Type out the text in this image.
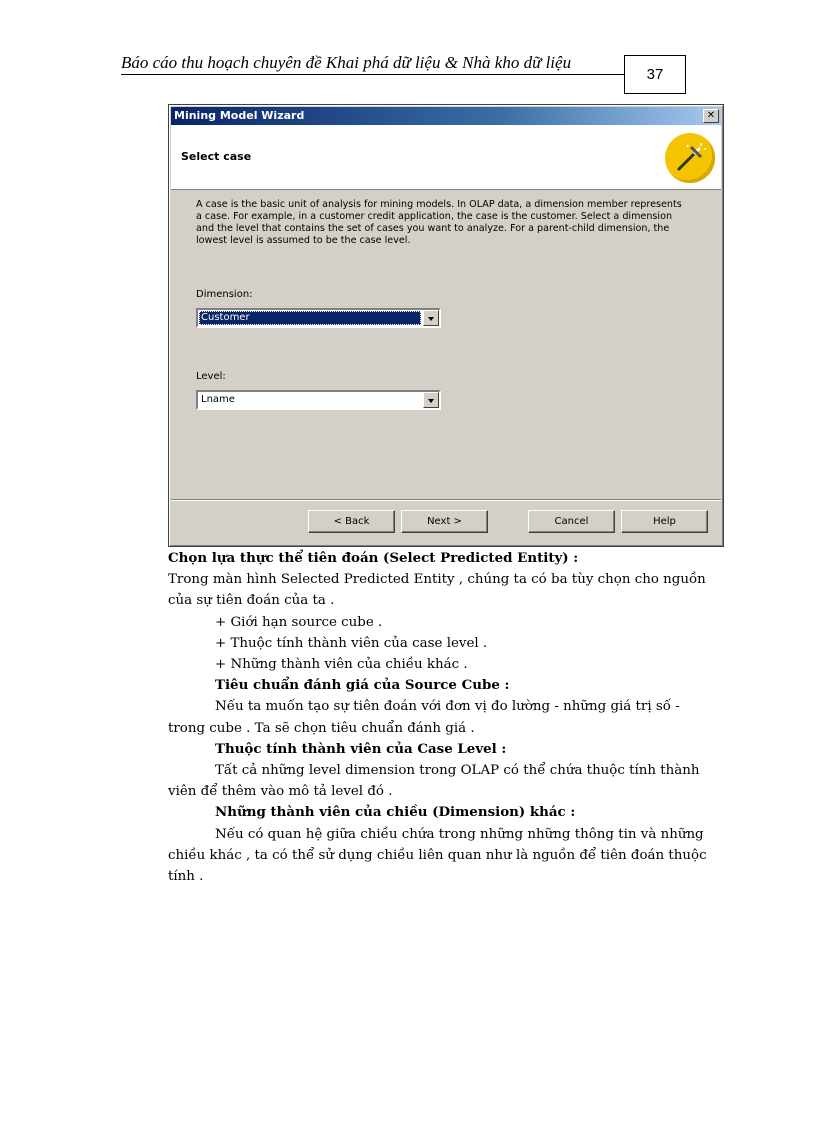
Báo cáo thu hoạch chuyên đề Khai phá dữ liệu & Nhà kho dữ liệu
37
Mining Model Wizard	✕
Select case
A case is the basic unit of analysis for mining models. In OLAP data, a dimension member represents
a case. For example, in a customer credit application, the case is the customer. Select a dimension
and the level that contains the set of cases you want to analyze. For a parent-child dimension, the
lowest level is assumed to be the case level.
Dimension:
Customer
Level:
Lname
< Back	Next >	Cancel	Help

Chọn lựa thực thể tiên đoán (Select Predicted Entity) :

Trong màn hình Selected Predicted Entity , chúng ta có ba tùy chọn cho nguồn của sự tiên đoán của ta .

+ Giới hạn source cube .

+ Thuộc tính thành viên của case level .

+ Những thành viên của chiều khác .

Tiêu chuẩn đánh giá của Source Cube :

Nếu ta muốn tạo sự tiên đoán với đơn vị đo lường - những giá trị số - trong cube . Ta sẽ chọn tiêu chuẩn đánh giá .

Thuộc tính thành viên của Case Level :

Tất cả những level dimension trong OLAP có thể chứa thuộc tính thành viên để thêm vào mô tả level đó .

Những thành viên của chiều (Dimension) khác :

Nếu có quan hệ giữa chiều chứa trong những những thông tin và những chiều khác , ta có thể sử dụng chiều liên quan như là nguồn để tiên đoán thuộc tính .
